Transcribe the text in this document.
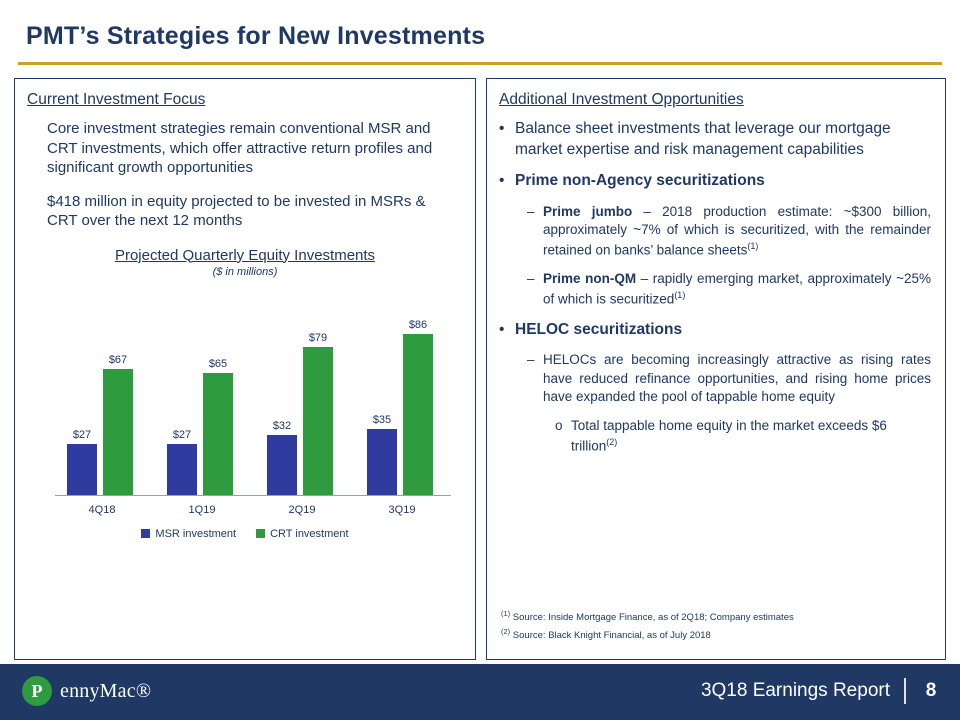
PMT’s Strategies for New Investments
Current Investment Focus
Core investment strategies remain conventional MSR and CRT investments, which offer attractive return profiles and significant growth opportunities
$418 million in equity projected to be invested in MSRs & CRT over the next 12 months
Projected Quarterly Equity Investments
($ in millions)
$27
$67
$27
$65
$32
$79
$35
$86
MSR investment	CRT investment
4Q18	1Q19	2Q19	3Q19
Additional Investment Opportunities
• Balance sheet investments that leverage our mortgage market expertise and risk management capabilities
• Prime non-Agency securitizations
– Prime jumbo – 2018 production estimate: ~$300 billion, approximately ~7% of which is securitized, with the remainder retained on banks’ balance sheets$^{(1)}$
– Prime non-QM – rapidly emerging market, approximately ~25% of which is securitized$^{(1)}$
• HELOC securitizations
– HELOCs are becoming increasingly attractive as rising rates have reduced refinance opportunities, and rising home prices have expanded the pool of tappable home equity
o Total tappable home equity in the market exceeds $6 trillion$^{(2)}$
$^{(1)}$ Source: Inside Mortgage Finance, as of 2Q18; Company estimates
$^{(2)}$ Source: Black Knight Financial, as of July 2018
P ennyMac®	3Q18 Earnings Report	8
